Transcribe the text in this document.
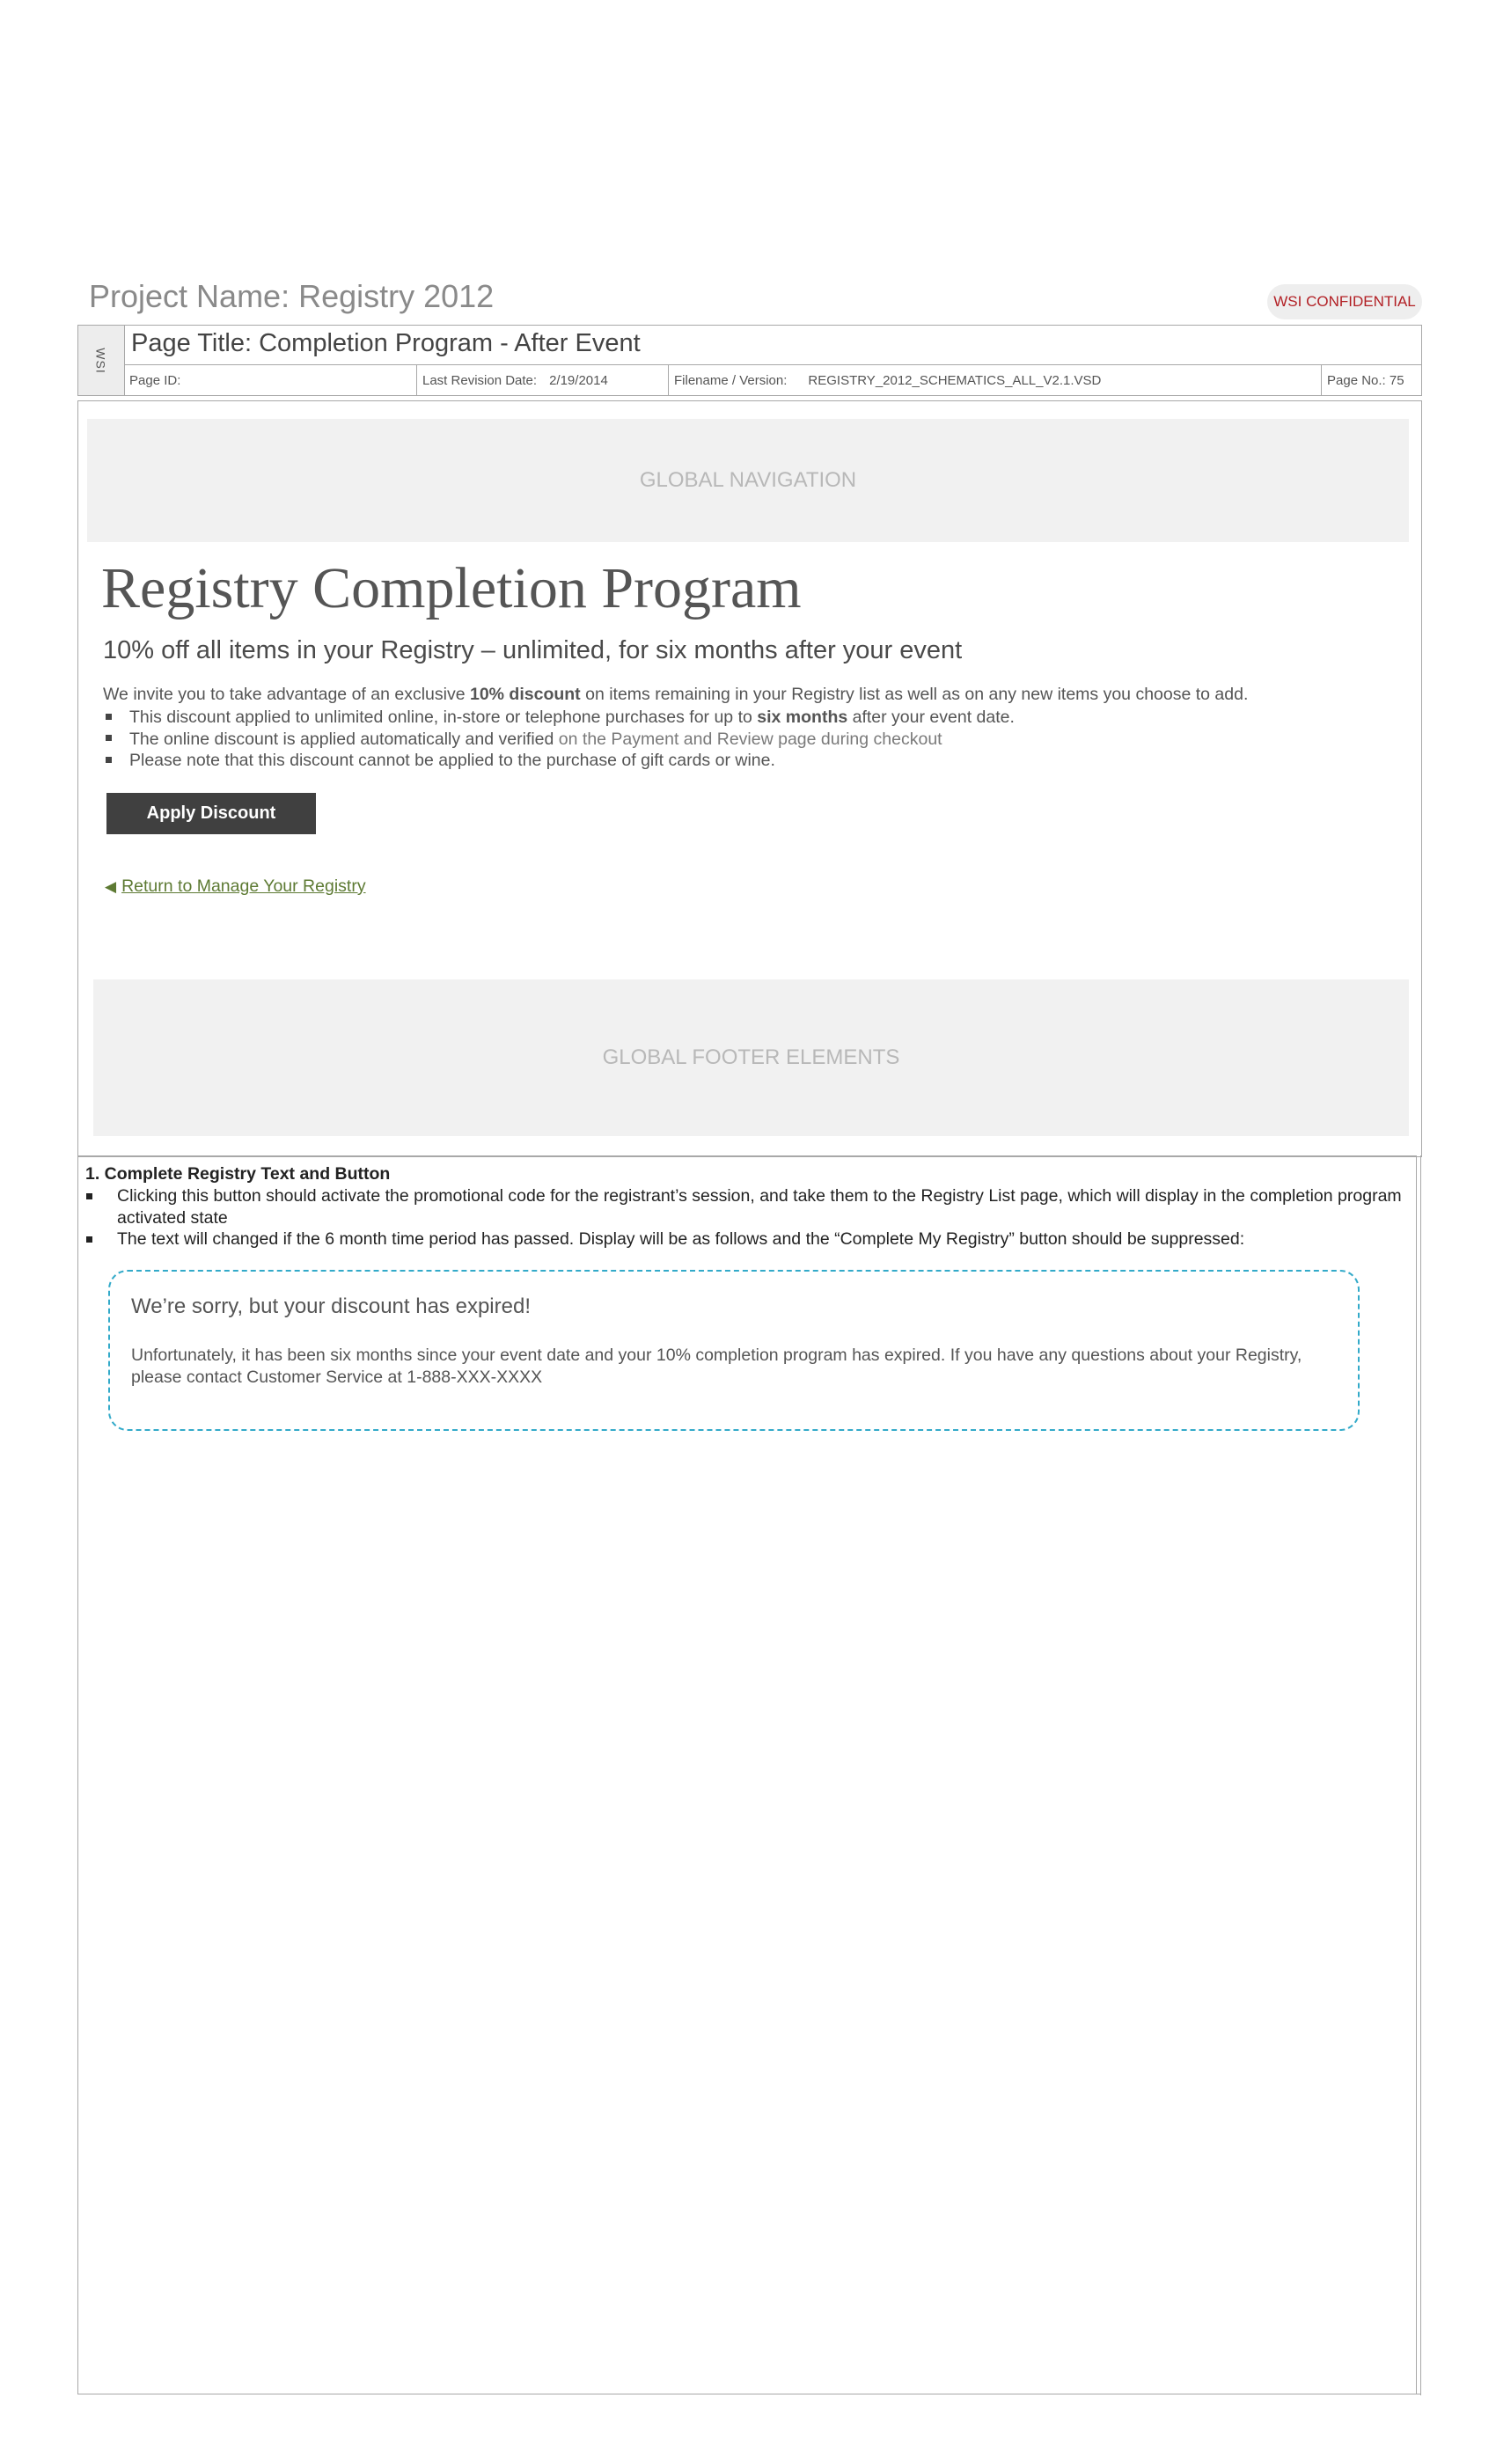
Project Name: Registry 2012	WSI CONFIDENTIAL
WSI
Page Title: Completion Program - After Event
Page ID:	Last Revision Date: 2/19/2014	Filename / Version:	REGISTRY_2012_SCHEMATICS_ALL_V2.1.VSD	Page No.: 75
GLOBAL NAVIGATION
Registry Completion Program
10% off all items in your Registry – unlimited, for six months after your event
We invite you to take advantage of an exclusive 10% discount on items remaining in your Registry list as well as on any new items you choose to add.
This discount applied to unlimited online, in-store or telephone purchases for up to six months after your event date.
The online discount is applied automatically and verified on the Payment and Review page during checkout
Please note that this discount cannot be applied to the purchase of gift cards or wine.
Apply Discount
◀ Return to Manage Your Registry
GLOBAL FOOTER ELEMENTS
1. Complete Registry Text and Button
Clicking this button should activate the promotional code for the registrant’s session, and take them to the Registry List page, which will display in the completion program activated state
The text will changed if the 6 month time period has passed. Display will be as follows and the “Complete My Registry” button should be suppressed:
We’re sorry, but your discount has expired!
Unfortunately, it has been six months since your event date and your 10% completion program has expired. If you have any questions about your Registry, please contact Customer Service at 1-888-XXX-XXXX
